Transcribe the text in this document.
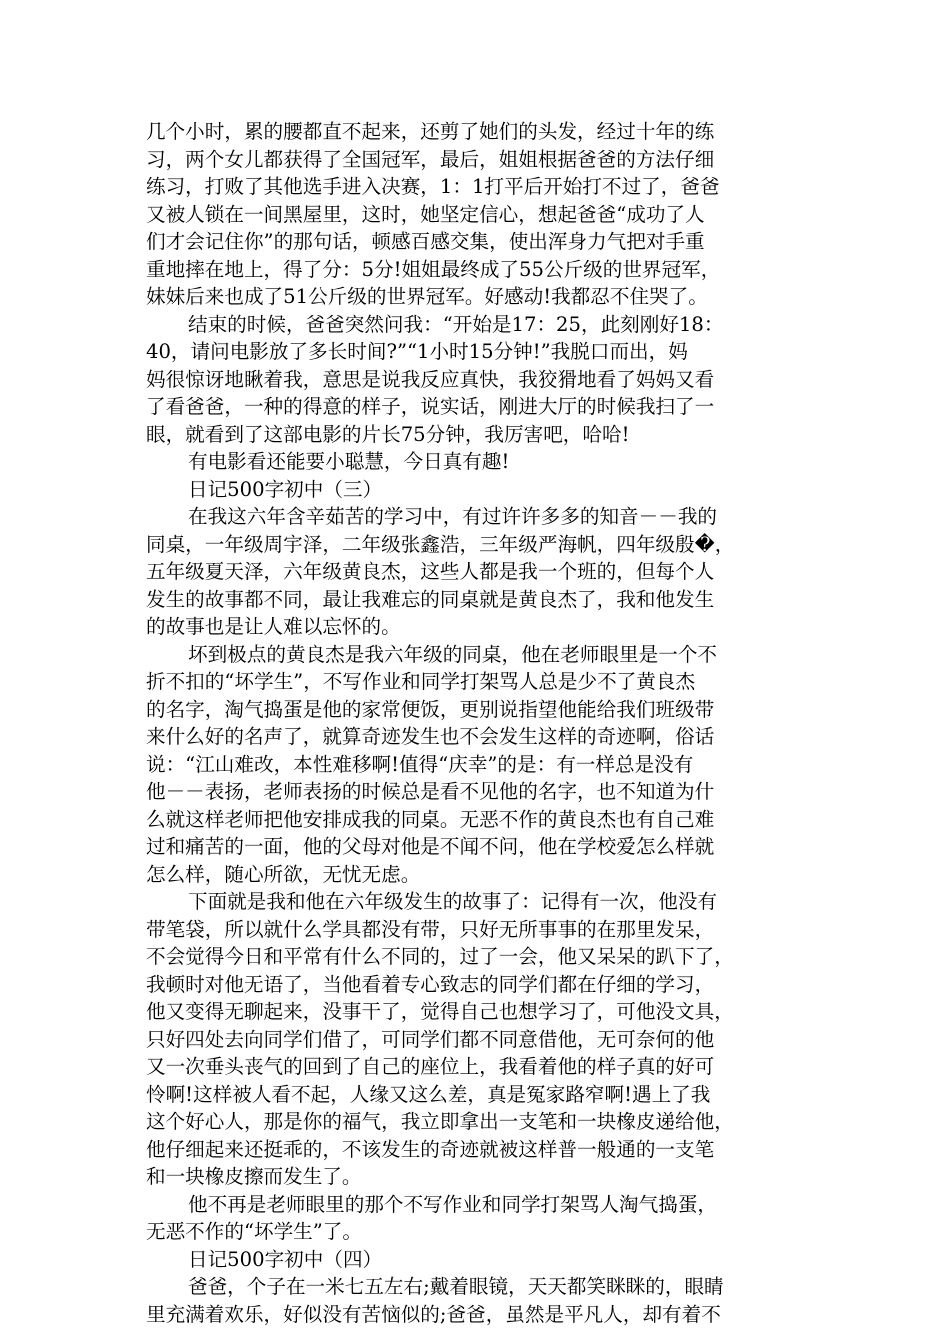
几个小时，累的腰都直不起来，还剪了她们的头发，经过十年的练
习，两个女儿都获得了全国冠军，最后，姐姐根据爸爸的方法仔细
练习，打败了其他选手进入决赛，1：1打平后开始打不过了，爸爸
又被人锁在一间黑屋里，这时，她坚定信心，想起爸爸“成功了人
们才会记住你”的那句话，顿感百感交集，使出浑身力气把对手重
重地摔在地上，得了分：5分!姐姐最终成了55公斤级的世界冠军，
妹妹后来也成了51公斤级的世界冠军。好感动!我都忍不住哭了。
结束的时候，爸爸突然问我：“开始是17：25，此刻刚好18：
40，请问电影放了多长时间?”“1小时15分钟!”我脱口而出，妈
妈很惊讶地瞅着我，意思是说我反应真快，我狡猾地看了妈妈又看
了看爸爸，一种的得意的样子，说实话，刚进大厅的时候我扫了一
眼，就看到了这部电影的片长75分钟，我厉害吧，哈哈!
有电影看还能要小聪慧，今日真有趣!
日记500字初中（三）
在我这六年含辛茹苦的学习中，有过许许多多的知音－－我的
同桌，一年级周宇泽，二年级张鑫浩，三年级严海帆，四年级殷�，
五年级夏天泽，六年级黄良杰，这些人都是我一个班的，但每个人
发生的故事都不同，最让我难忘的同桌就是黄良杰了，我和他发生
的故事也是让人难以忘怀的。
坏到极点的黄良杰是我六年级的同桌，他在老师眼里是一个不
折不扣的“坏学生”，不写作业和同学打架骂人总是少不了黄良杰
的名字，淘气捣蛋是他的家常便饭，更别说指望他能给我们班级带
来什么好的名声了，就算奇迹发生也不会发生这样的奇迹啊，俗话
说：“江山难改，本性难移啊!值得“庆幸”的是：有一样总是没有
他－－表扬，老师表扬的时候总是看不见他的名字，也不知道为什
么就这样老师把他安排成我的同桌。无恶不作的黄良杰也有自己难
过和痛苦的一面，他的父母对他是不闻不问，他在学校爱怎么样就
怎么样，随心所欲，无忧无虑。
下面就是我和他在六年级发生的故事了：记得有一次，他没有
带笔袋，所以就什么学具都没有带，只好无所事事的在那里发呆，
不会觉得今日和平常有什么不同的，过了一会，他又呆呆的趴下了，
我顿时对他无语了，当他看着专心致志的同学们都在仔细的学习，
他又变得无聊起来，没事干了，觉得自己也想学习了，可他没文具，
只好四处去向同学们借了，可同学们都不同意借他，无可奈何的他
又一次垂头丧气的回到了自己的座位上，我看着他的样子真的好可
怜啊!这样被人看不起，人缘又这么差，真是冤家路窄啊!遇上了我
这个好心人，那是你的福气，我立即拿出一支笔和一块橡皮递给他，
他仔细起来还挺乖的，不该发生的奇迹就被这样普一般通的一支笔
和一块橡皮擦而发生了。
他不再是老师眼里的那个不写作业和同学打架骂人淘气捣蛋，
无恶不作的“坏学生”了。
日记500字初中（四）
爸爸，个子在一米七五左右;戴着眼镜，天天都笑眯眯的，眼睛
里充满着欢乐，好似没有苦恼似的;爸爸，虽然是平凡人，却有着不
